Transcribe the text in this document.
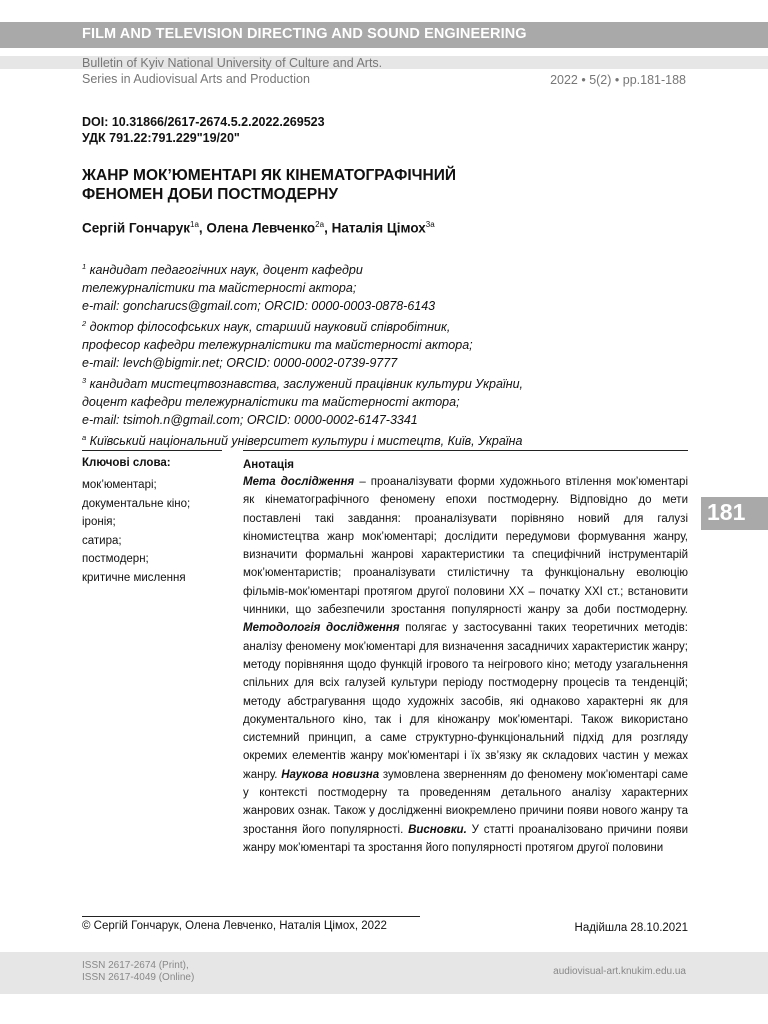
FILM AND TELEVISION DIRECTING AND SOUND ENGINEERING
Bulletin of Kyiv National University of Culture and Arts.
Series in Audiovisual Arts and Production	2022 • 5(2) • pp.181-188
DOI: 10.31866/2617-2674.5.2.2022.269523
УДК 791.22:791.229"19/20"
ЖАНР МОК’ЮМЕНТАРІ ЯК КІНЕМАТОГРАФІЧНИЙ
ФЕНОМЕН ДОБИ ПОСТМОДЕРНУ
Сергій Гончарук$^{1a}$, Олена Левченко$^{2a}$, Наталія Цімох$^{3a}$
$^1$ кандидат педагогічних наук, доцент кафедри
тележурналістики та майстерності актора;
e-mail: goncharucs@gmail.com; ORCID: 0000-0003-0878-6143
$^2$ доктор філософських наук, старший науковий співробітник,
професор кафедри тележурналістики та майстерності актора;
e-mail: levch@bigmir.net; ORCID: 0000-0002-0739-9777
$^3$ кандидат мистецтвознавства, заслужений працівник культури України,
доцент кафедри тележурналістики та майстерності актора;
e-mail: tsimoh.n@gmail.com; ORCID: 0000-0002-6147-3341
$^a$ Київський національний університет культури і мистецтв, Київ, Україна
Ключові слова:
мок’юментарі;
документальне кіно;
іронія;
сатира;
постмодерн;
критичне мислення
Анотація
Мета дослідження – проаналізувати форми художнього втілення мок’юментарі як кінематографічного феномену епохи постмодерну. Відповідно до мети поставлені такі завдання: проаналізувати порівняно новий для галузі кіномистецтва жанр мок’юментарі; дослідити передумови формування жанру, визначити формальні жанрові характеристики та специфічний інструментарій мок’юментаристів; проаналізувати стилістичну та функціональну еволюцію фільмів-мок’юментарі протягом другої половини XX – початку XXI ст.; встановити чинники, що забезпечили зростання популярності жанру за доби постмодерну. Методологія дослідження полягає у застосуванні таких теоретичних методів: аналізу феномену мок’юментарі для визначення засадничих характеристик жанру; методу порівняння щодо функцій ігрового та неігрового кіно; методу узагальнення спільних для всіх галузей культури періоду постмодерну процесів та тенденцій; методу абстрагування щодо художніх засобів, які однаково характерні як для документального кіно, так і для кіножанру мок’юментарі. Також використано системний принцип, а саме структурно-функціональний підхід для розгляду окремих елементів жанру мок’юментарі і їх зв’язку як складових частин у межах жанру. Наукова новизна зумовлена зверненням до феномену мок’юментарі саме у контексті постмодерну та проведенням детального аналізу характерних жанрових ознак. Також у дослідженні виокремлено причини появи нового жанру та зростання його популярності. Висновки. У статті проаналізовано причини появи жанру мок’юментарі та зростання його популярності протягом другої половини
181
© Сергій Гончарук, Олена Левченко, Наталія Цімох, 2022	Надійшла 28.10.2021
ISSN 2617-2674 (Print),
ISSN 2617-4049 (Online)
audiovisual-art.knukim.edu.ua
